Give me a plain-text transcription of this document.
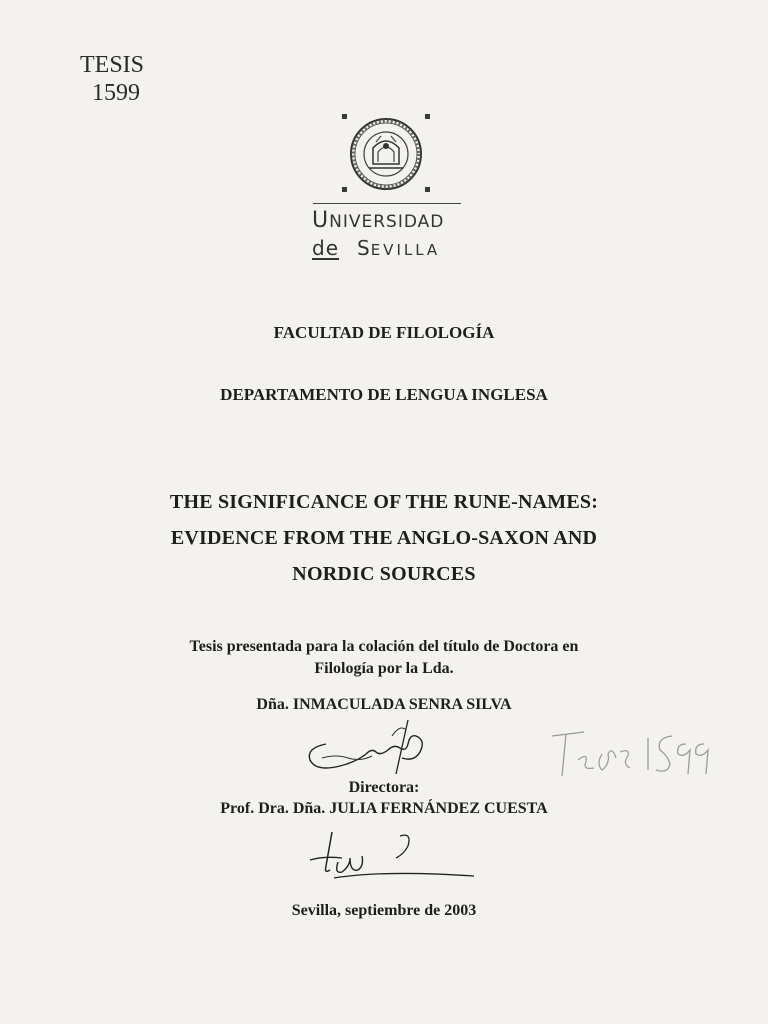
TESIS
1599
UNIVERSIDAD
de SEVILLA
FACULTAD DE FILOLOGÍA
DEPARTAMENTO DE LENGUA INGLESA
THE SIGNIFICANCE OF THE RUNE-NAMES:
EVIDENCE FROM THE ANGLO-SAXON AND
NORDIC SOURCES
Tesis presentada para la colación del título de Doctora en
Filología por la Lda.
Dña. INMACULADA SENRA SILVA
Directora:
Prof. Dra. Dña. JULIA FERNÁNDEZ CUESTA
Sevilla, septiembre de 2003
